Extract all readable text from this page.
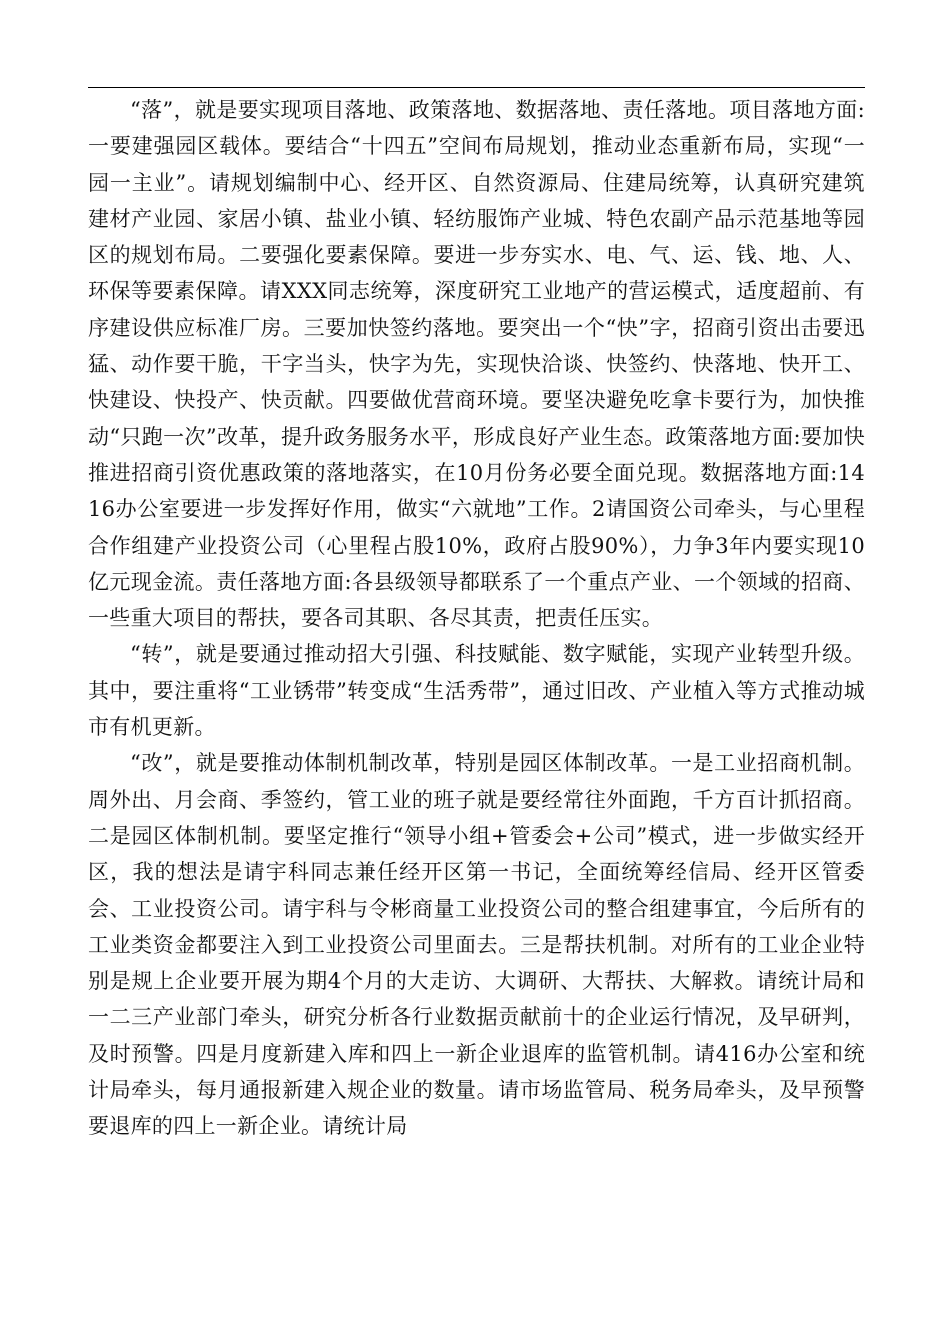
“落”，就是要实现项目落地、政策落地、数据落地、责任落地。项目落地方面:一要建强园区载体。要结合“十四五”空间布局规划，推动业态重新布局，实现“一园一主业”。请规划编制中心、经开区、自然资源局、住建局统筹，认真研究建筑建材产业园、家居小镇、盐业小镇、轻纺服饰产业城、特色农副产品示范基地等园区的规划布局。二要强化要素保障。要进一步夯实水、电、气、运、钱、地、人、环保等要素保障。请XXX同志统筹，深度研究工业地产的营运模式，适度超前、有序建设供应标准厂房。三要加快签约落地。要突出一个“快”字，招商引资出击要迅猛、动作要干脆，干字当头，快字为先，实现快洽谈、快签约、快落地、快开工、快建设、快投产、快贡献。四要做优营商环境。要坚决避免吃拿卡要行为，加快推动“只跑一次”改革，提升政务服务水平，形成良好产业生态。政策落地方面:要加快推进招商引资优惠政策的落地落实，在10月份务必要全面兑现。数据落地方面:1416办公室要进一步发挥好作用，做实“六就地”工作。2请国资公司牵头，与心里程合作组建产业投资公司（心里程占股10%，政府占股90%），力争3年内要实现10亿元现金流。责任落地方面:各县级领导都联系了一个重点产业、一个领域的招商、一些重大项目的帮扶，要各司其职、各尽其责，把责任压实。

“转”，就是要通过推动招大引强、科技赋能、数字赋能，实现产业转型升级。其中，要注重将“工业锈带”转变成“生活秀带”，通过旧改、产业植入等方式推动城市有机更新。

“改”，就是要推动体制机制改革，特别是园区体制改革。一是工业招商机制。周外出、月会商、季签约，管工业的班子就是要经常往外面跑，千方百计抓招商。二是园区体制机制。要坚定推行“领导小组+管委会+公司”模式，进一步做实经开区，我的想法是请宇科同志兼任经开区第一书记，全面统筹经信局、经开区管委会、工业投资公司。请宇科与令彬商量工业投资公司的整合组建事宜，今后所有的工业类资金都要注入到工业投资公司里面去。三是帮扶机制。对所有的工业企业特别是规上企业要开展为期4个月的大走访、大调研、大帮扶、大解救。请统计局和一二三产业部门牵头，研究分析各行业数据贡献前十的企业运行情况，及早研判，及时预警。四是月度新建入库和四上一新企业退库的监管机制。请416办公室和统计局牵头，每月通报新建入规企业的数量。请市场监管局、税务局牵头，及早预警要退库的四上一新企业。请统计局
